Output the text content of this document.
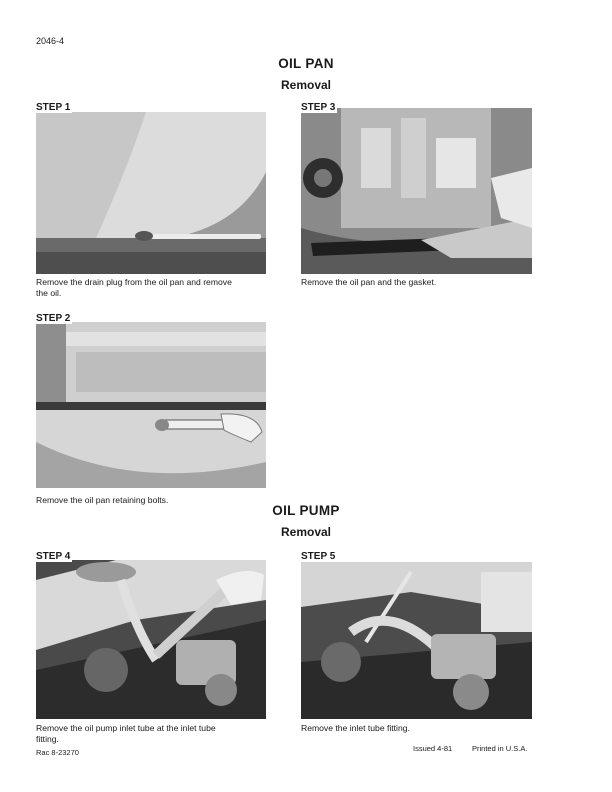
2046-4
OIL PAN
Removal
STEP 1
Remove the drain plug from the oil pan and remove
the oil.
STEP 3
Remove the oil pan and the gasket.
STEP 2
Remove the oil pan retaining bolts.
OIL PUMP
Removal
STEP 4
Remove the oil pump inlet tube at the inlet tube
fitting.
STEP 5
Remove the inlet tube fitting.
Rac 8-23270	Issued 4-81	Printed in U.S.A.
